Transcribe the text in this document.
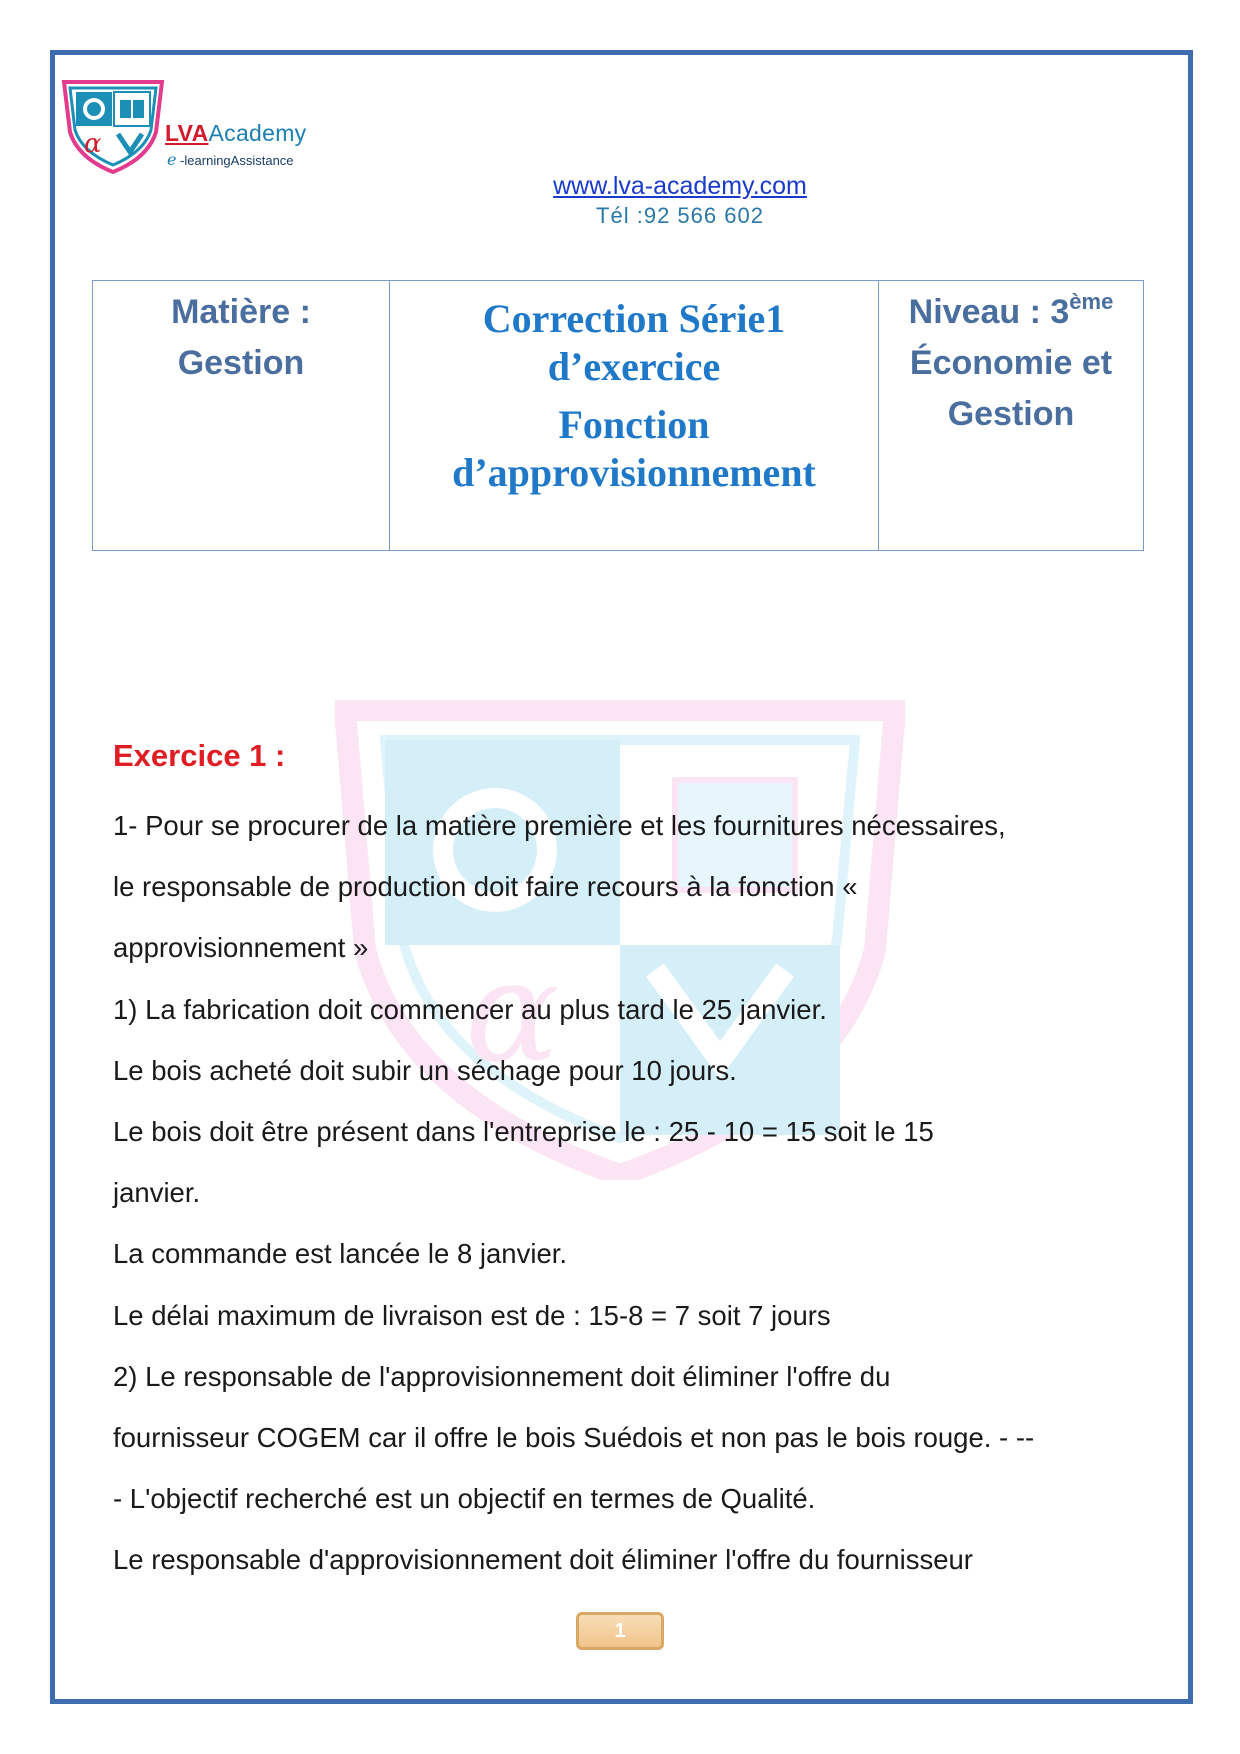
α	LVAAcademy
e -learningAssistance
www.lva-academy.com
Tél :92 566 602
Matière :
Gestion

Correction Série1
d’exercice
Fonction
d’approvisionnement

Niveau : 3ème
Économie et
Gestion
α
Exercice 1 :
1- Pour se procurer de la matière première et les fournitures nécessaires,
le responsable de production doit faire recours à la fonction «
approvisionnement »
1) La fabrication doit commencer au plus tard le 25 janvier.
Le bois acheté doit subir un séchage pour 10 jours.
Le bois doit être présent dans l'entreprise le : 25 - 10 = 15 soit le 15
janvier.
La commande est lancée le 8 janvier.
Le délai maximum de livraison est de : 15-8 = 7 soit 7 jours
2) Le responsable de l'approvisionnement doit éliminer l'offre du
fournisseur COGEM car il offre le bois Suédois et non pas le bois rouge. - --
- L'objectif recherché est un objectif en termes de Qualité.
Le responsable d'approvisionnement doit éliminer l'offre du fournisseur
1
